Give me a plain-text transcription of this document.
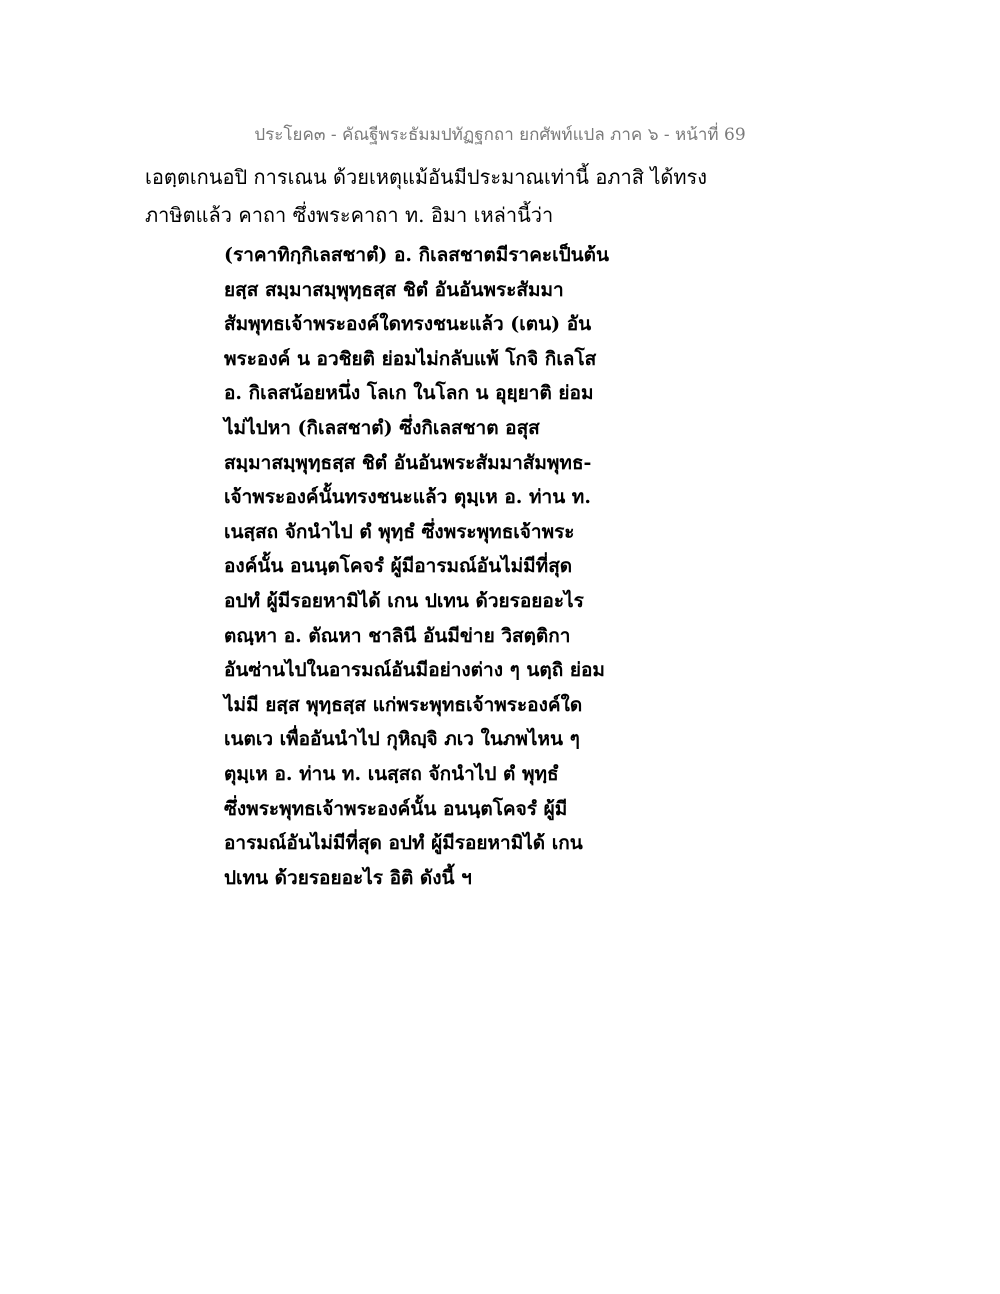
ประโยค๓ - คัณฐีพระธัมมปทัฏฐกถา ยกศัพท์แปล ภาค ๖ - หน้าที่ 69
เอตฺตเกนอปิ การเณน ด้วยเหตุแม้อันมีประมาณเท่านี้ อภาสิ ได้ทรง
ภาษิตแล้ว คาถา ซึ่งพระคาถา ท. อิมา เหล่านี้ว่า
(ราคาทิกฺกิเลสชาตํ) อ. กิเลสชาตมีราคะเป็นต้น
ยสฺส สมฺมาสมฺพุทฺธสฺส ชิตํ อันอันพระสัมมา
สัมพุทธเจ้าพระองค์ใดทรงชนะแล้ว (เตน) อัน
พระองค์ น อวชิยติ ย่อมไม่กลับแพ้ โกจิ กิเลโส
อ. กิเลสน้อยหนึ่ง โลเก ในโลก น อุยฺยาติ ย่อม
ไม่ไปหา (กิเลสชาตํ) ซึ่งกิเลสชาต อสุส
สมฺมาสมฺพุทฺธสฺส ชิตํ อันอันพระสัมมาสัมพุทธ-
เจ้าพระองค์นั้นทรงชนะแล้ว ตุมฺเห อ. ท่าน ท.
เนสฺสถ จักนำไป ตํ พุทฺธํ ซึ่งพระพุทธเจ้าพระ
องค์นั้น อนนฺตโคจรํ ผู้มีอารมณ์อันไม่มีที่สุด
อปทํ ผู้มีรอยหามิได้ เกน ปเทน ด้วยรอยอะไร
ตณฺหา อ. ตัณหา ชาลินี อันมีข่าย วิสตฺติกา
อันซ่านไปในอารมณ์อันมีอย่างต่าง ๆ นตฺถิ ย่อม
ไม่มี ยสฺส พุทฺธสฺส แก่พระพุทธเจ้าพระองค์ใด
เนตเว เพื่ออันนำไป กุหิญฺจิ ภเว ในภพไหน ๆ
ตุมฺเห อ. ท่าน ท. เนสฺสถ จักนำไป ตํ พุทฺธํ
ซึ่งพระพุทธเจ้าพระองค์นั้น อนนฺตโคจรํ ผู้มี
อารมณ์อันไม่มีที่สุด อปทํ ผู้มีรอยหามิได้ เกน
ปเทน ด้วยรอยอะไร อิติ ดังนี้ ฯ
